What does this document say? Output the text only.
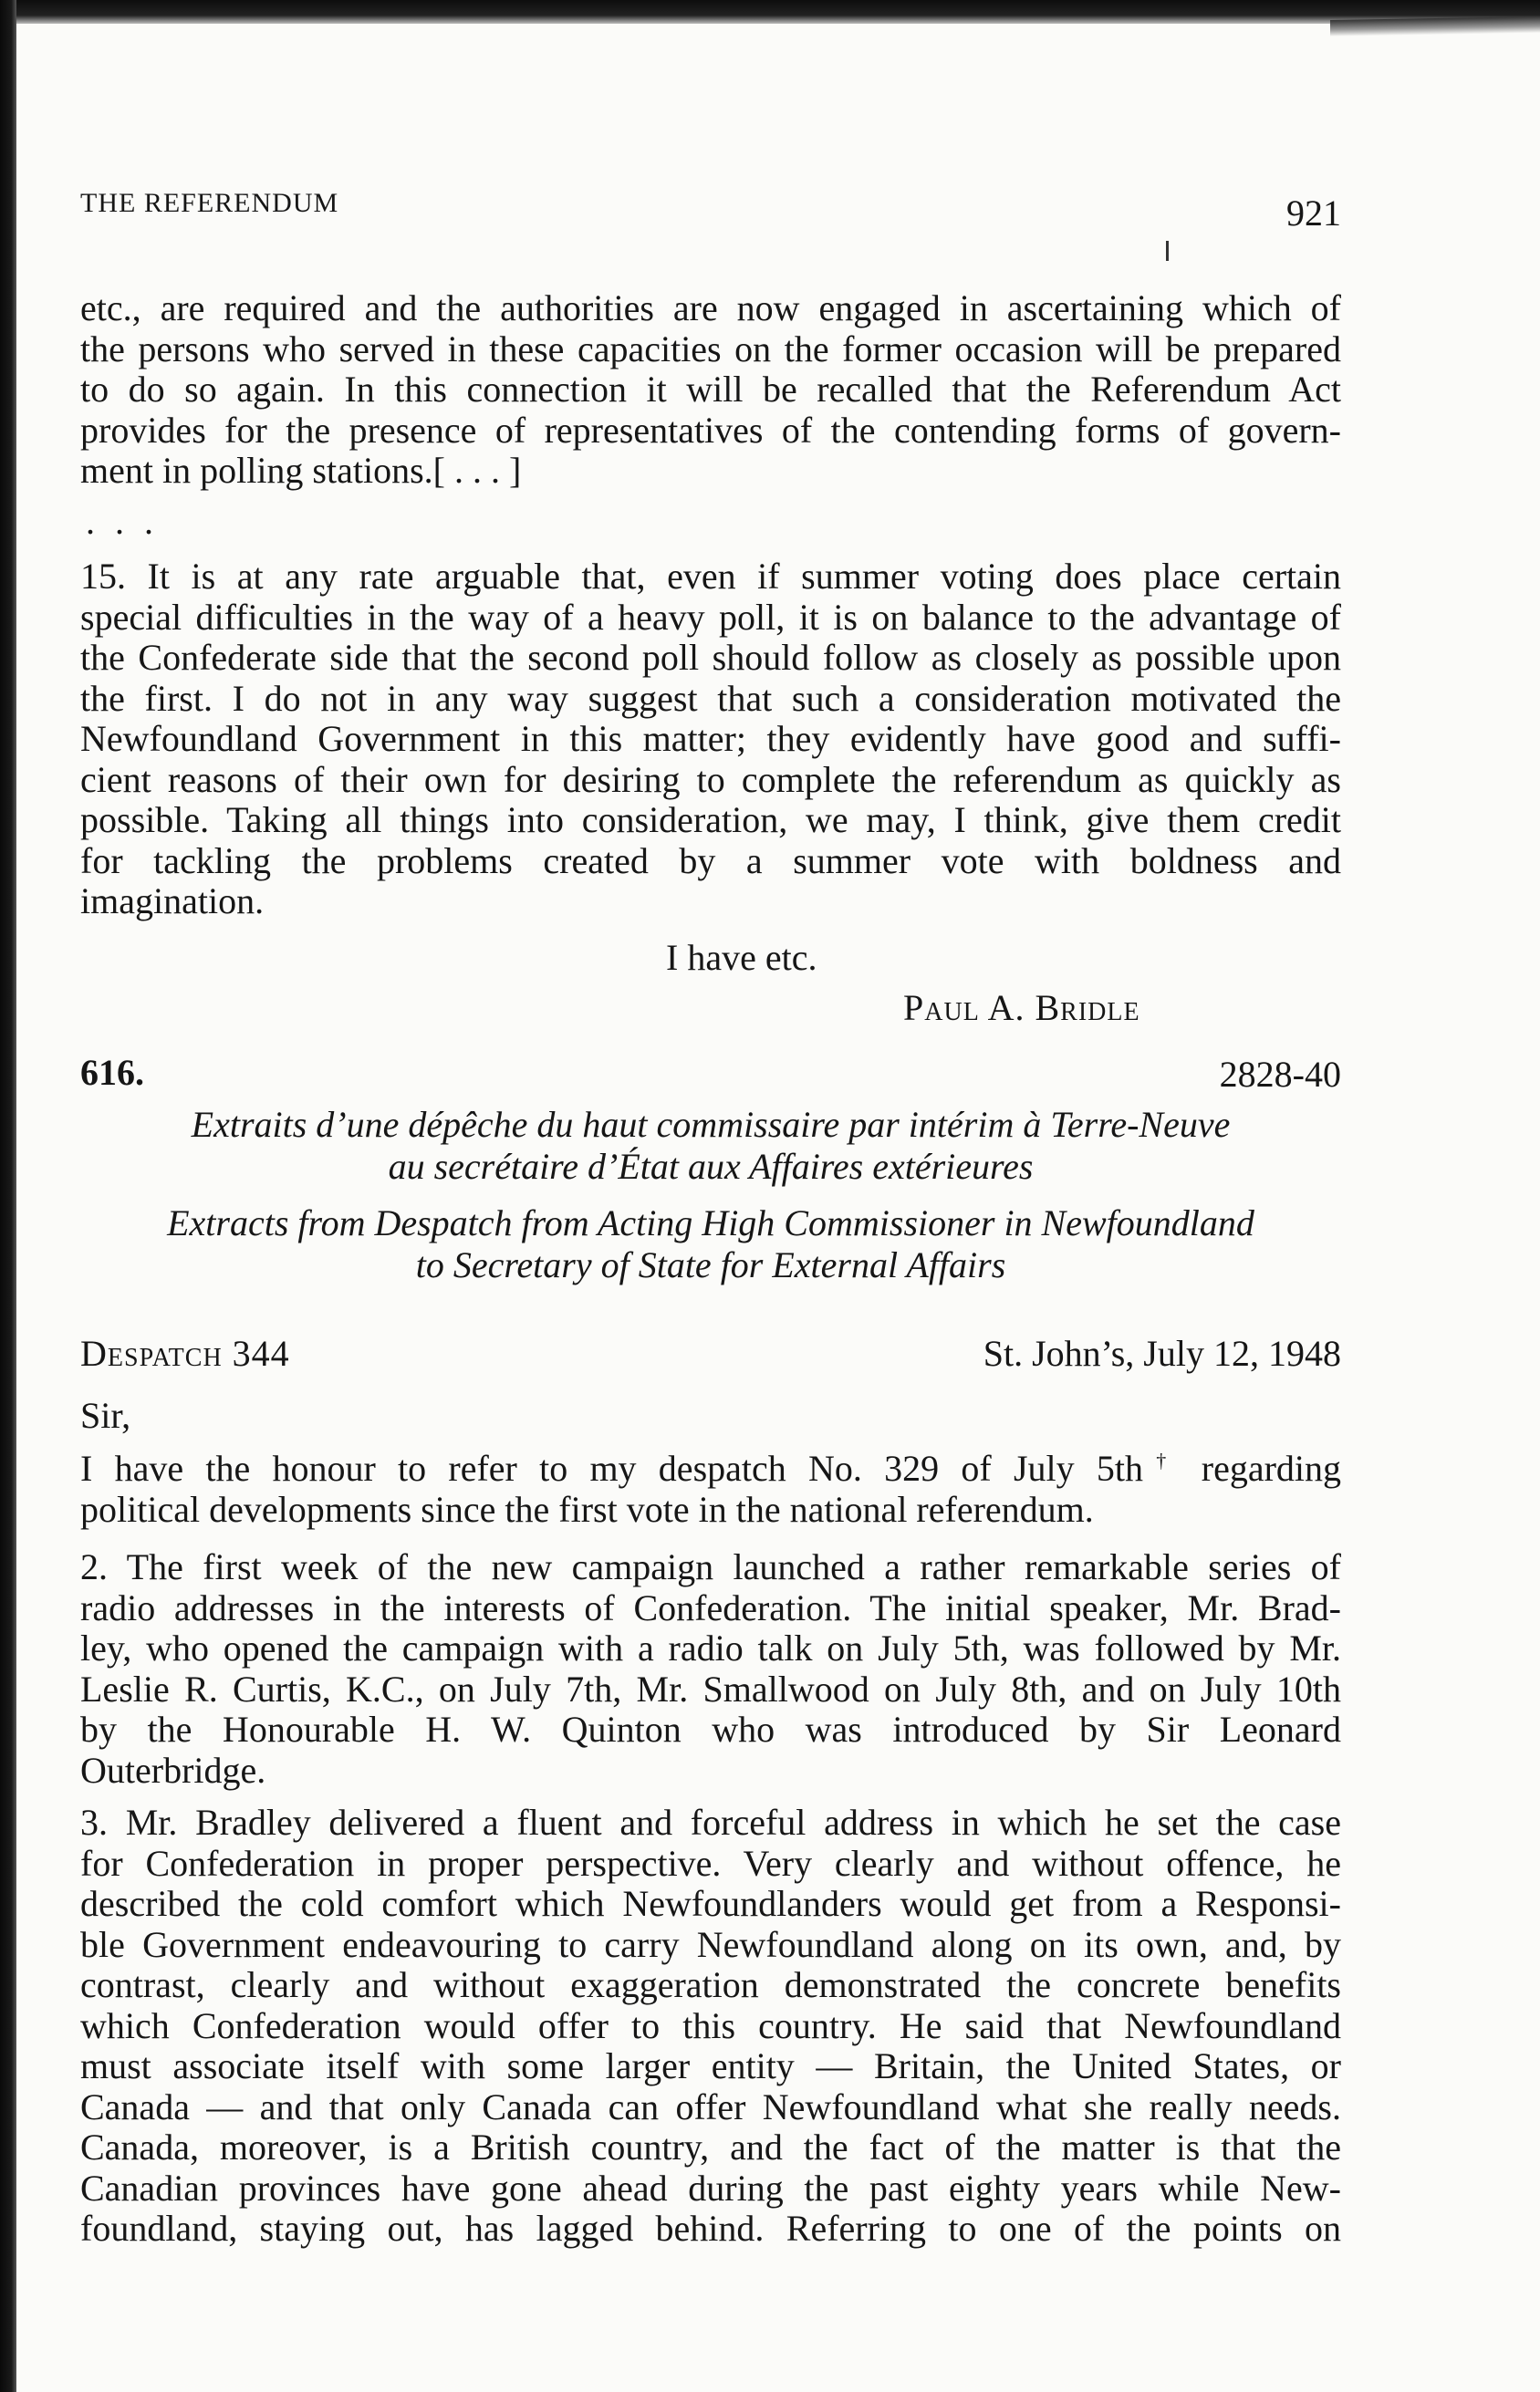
THE REFERENDUM	921
etc., are required and the authorities are now engaged in ascertaining which of
the persons who served in these capacities on the former occasion will be prepared
to do so again. In this connection it will be recalled that the Referendum Act
provides for the presence of representatives of the contending forms of govern-
ment in polling stations.[ . . . ]
. . .
15. It is at any rate arguable that, even if summer voting does place certain
special difficulties in the way of a heavy poll, it is on balance to the advantage of
the Confederate side that the second poll should follow as closely as possible upon
the first. I do not in any way suggest that such a consideration motivated the
Newfoundland Government in this matter; they evidently have good and suffi-
cient reasons of their own for desiring to complete the referendum as quickly as
possible. Taking all things into consideration, we may, I think, give them credit
for tackling the problems created by a summer vote with boldness and
imagination.
I have etc.
Paul A. Bridle
616.	2828-40
Extraits d’une dépêche du haut commissaire par intérim à Terre-Neuve
au secrétaire d’État aux Affaires extérieures
Extracts from Despatch from Acting High Commissioner in Newfoundland
to Secretary of State for External Affairs
Despatch 344	St. John’s, July 12, 1948
Sir,
I have the honour to refer to my despatch No. 329 of July 5th† regarding
political developments since the first vote in the national referendum.
2. The first week of the new campaign launched a rather remarkable series of
radio addresses in the interests of Confederation. The initial speaker, Mr. Brad-
ley, who opened the campaign with a radio talk on July 5th, was followed by Mr.
Leslie R. Curtis, K.C., on July 7th, Mr. Smallwood on July 8th, and on July 10th
by the Honourable H. W. Quinton who was introduced by Sir Leonard
Outerbridge.
3. Mr. Bradley delivered a fluent and forceful address in which he set the case
for Confederation in proper perspective. Very clearly and without offence, he
described the cold comfort which Newfoundlanders would get from a Responsi-
ble Government endeavouring to carry Newfoundland along on its own, and, by
contrast, clearly and without exaggeration demonstrated the concrete benefits
which Confederation would offer to this country. He said that Newfoundland
must associate itself with some larger entity — Britain, the United States, or
Canada — and that only Canada can offer Newfoundland what she really needs.
Canada, moreover, is a British country, and the fact of the matter is that the
Canadian provinces have gone ahead during the past eighty years while New-
foundland, staying out, has lagged behind. Referring to one of the points on
